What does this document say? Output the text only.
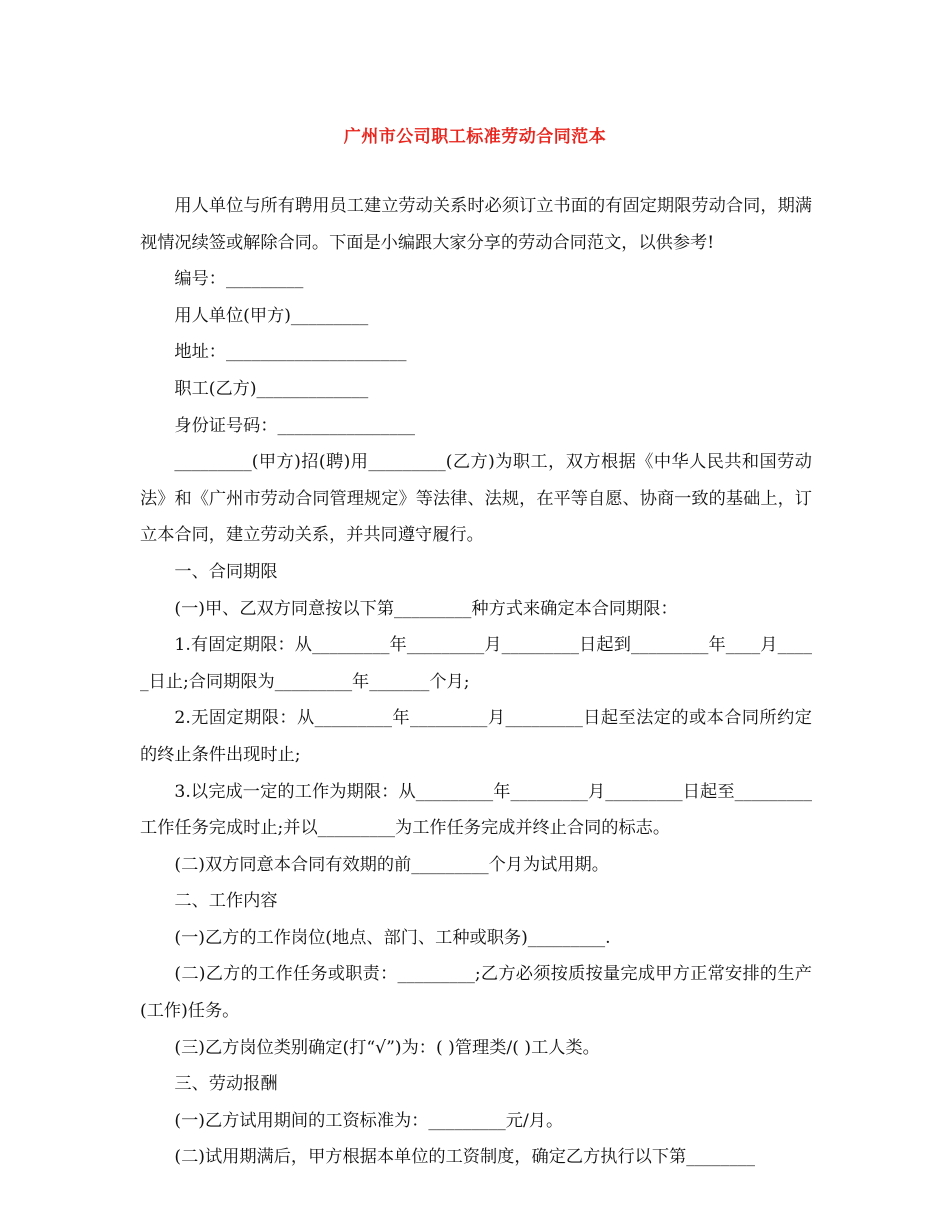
广州市公司职工标准劳动合同范本

用人单位与所有聘用员工建立劳动关系时必须订立书面的有固定期限劳动合同，期满视情况续签或解除合同。下面是小编跟大家分享的劳动合同范文，以供参考!

编号：_________

用人单位(甲方)_________

地址：_____________________

职工(乙方)_____________

身份证号码：________________

_________(甲方)招(聘)用_________(乙方)为职工，双方根据《中华人民共和国劳动法》和《广州市劳动合同管理规定》等法律、法规，在平等自愿、协商一致的基础上，订立本合同，建立劳动关系，并共同遵守履行。

一、合同期限

(一)甲、乙双方同意按以下第_________种方式来确定本合同期限：

1.有固定期限：从_________年_________月_________日起到_________年____月_____日止;合同期限为_________年_______个月;

2.无固定期限：从_________年_________月_________日起至法定的或本合同所约定的终止条件出现时止;

3.以完成一定的工作为期限：从_________年_________月_________日起至_________工作任务完成时止;并以_________为工作任务完成并终止合同的标志。

(二)双方同意本合同有效期的前_________个月为试用期。

二、工作内容

(一)乙方的工作岗位(地点、部门、工种或职务)_________.

(二)乙方的工作任务或职责：_________;乙方必须按质按量完成甲方正常安排的生产(工作)任务。

(三)乙方岗位类别确定(打“√”)为：( )管理类/( )工人类。

三、劳动报酬

(一)乙方试用期间的工资标准为：_________元/月。

(二)试用期满后，甲方根据本单位的工资制度，确定乙方执行以下第________
